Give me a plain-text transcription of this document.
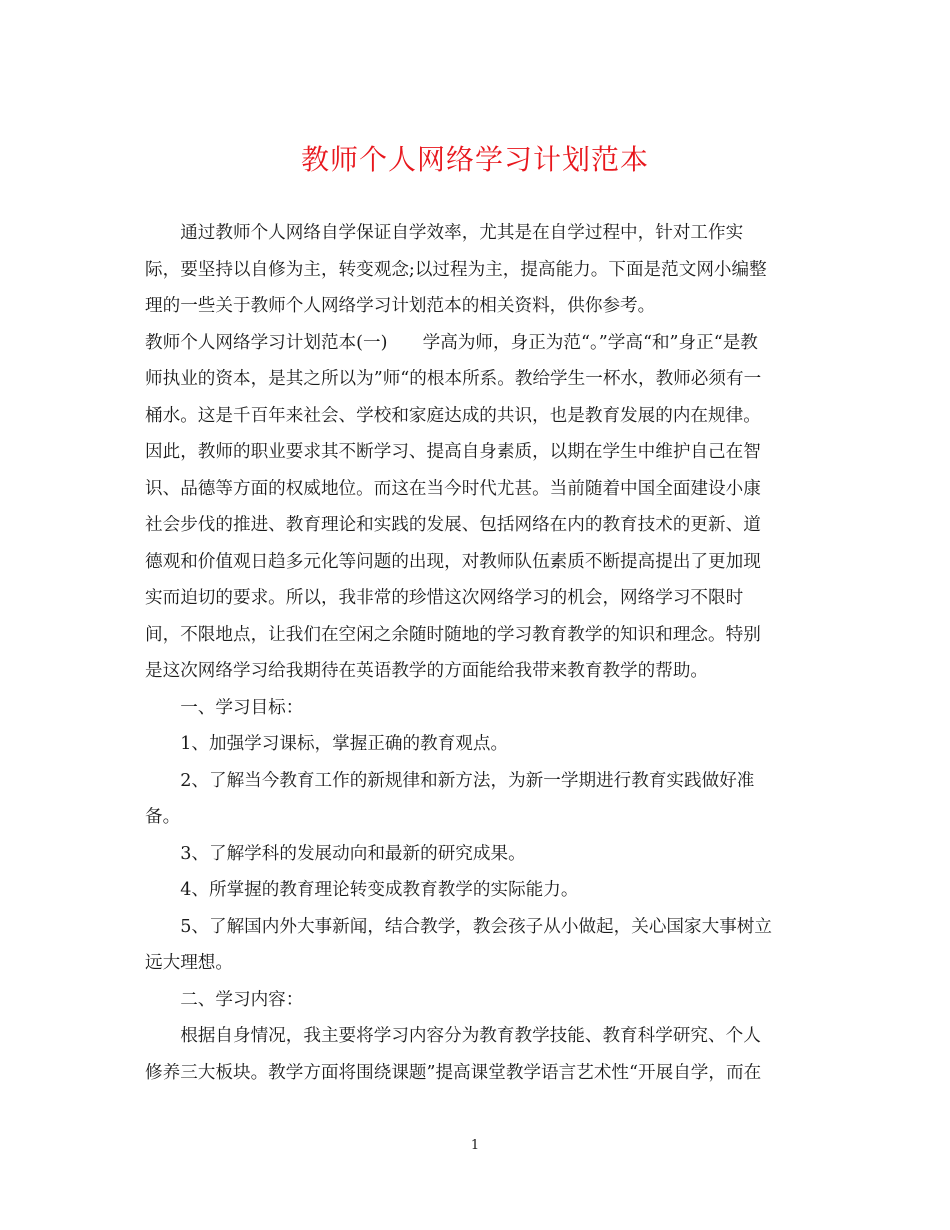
教师个人网络学习计划范本
　　通过教师个人网络自学保证自学效率，尤其是在自学过程中，针对工作实
际，要坚持以自修为主，转变观念;以过程为主，提高能力。下面是范文网小编整
理的一些关于教师个人网络学习计划范本的相关资料，供你参考。
教师个人网络学习计划范本(一)　　学高为师，身正为范“。”学高“和”身正“是教
师执业的资本，是其之所以为”师“的根本所系。教给学生一杯水，教师必须有一
桶水。这是千百年来社会、学校和家庭达成的共识，也是教育发展的内在规律。
因此，教师的职业要求其不断学习、提高自身素质，以期在学生中维护自己在智
识、品德等方面的权威地位。而这在当今时代尤甚。当前随着中国全面建设小康
社会步伐的推进、教育理论和实践的发展、包括网络在内的教育技术的更新、道
德观和价值观日趋多元化等问题的出现，对教师队伍素质不断提高提出了更加现
实而迫切的要求。所以，我非常的珍惜这次网络学习的机会，网络学习不限时
间，不限地点，让我们在空闲之余随时随地的学习教育教学的知识和理念。特别
是这次网络学习给我期待在英语教学的方面能给我带来教育教学的帮助。
　　一、学习目标：
　　1、加强学习课标，掌握正确的教育观点。
　　2、了解当今教育工作的新规律和新方法，为新一学期进行教育实践做好准
备。
　　3、了解学科的发展动向和最新的研究成果。
　　4、所掌握的教育理论转变成教育教学的实际能力。
　　5、了解国内外大事新闻，结合教学，教会孩子从小做起，关心国家大事树立
远大理想。
　　二、学习内容：
　　根据自身情况，我主要将学习内容分为教育教学技能、教育科学研究、个人
修养三大板块。教学方面将围绕课题”提高课堂教学语言艺术性“开展自学，而在
1
